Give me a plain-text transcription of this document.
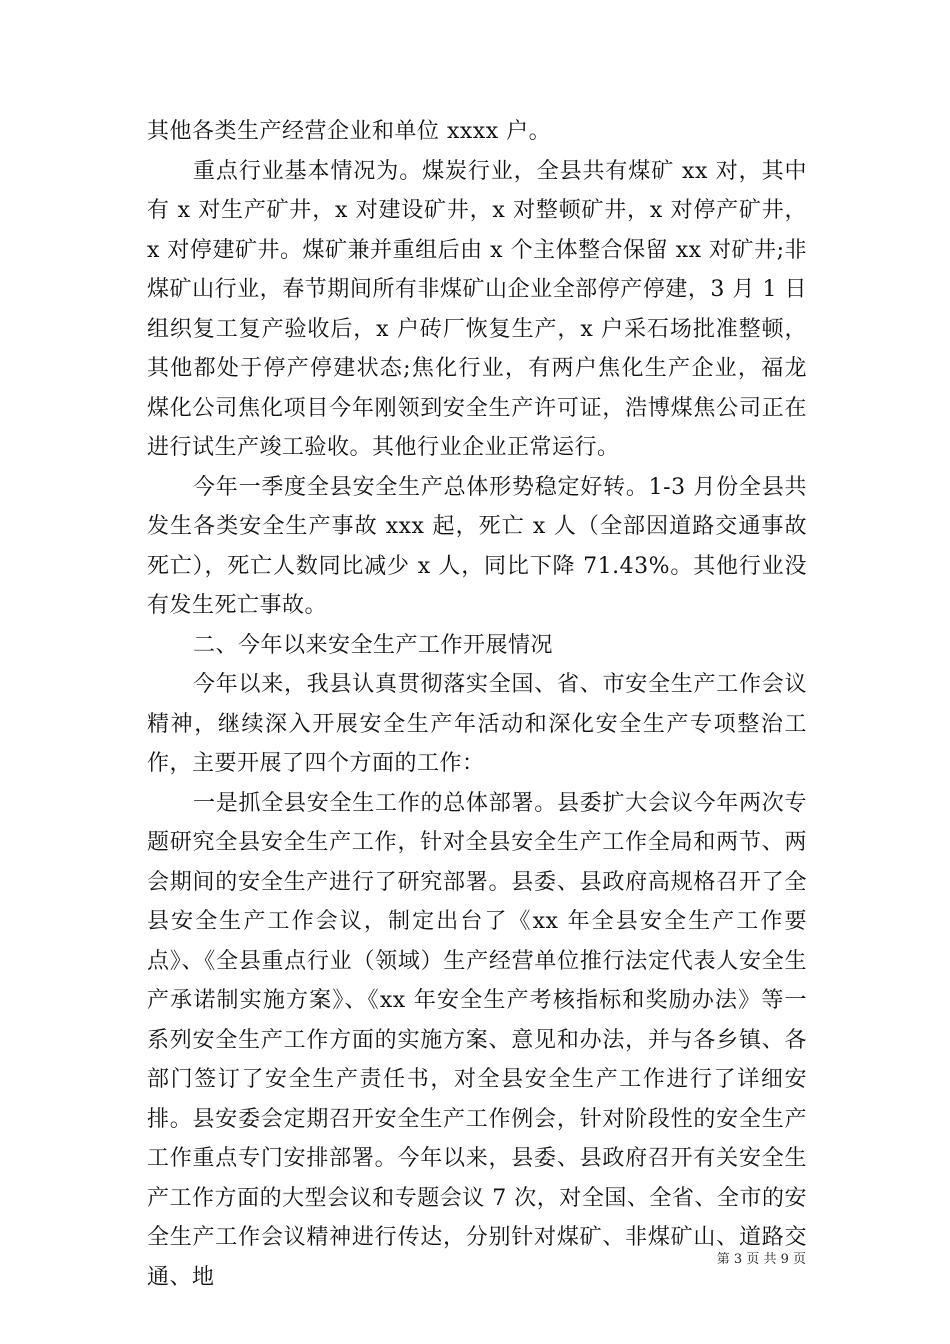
其他各类生产经营企业和单位 xxxx 户。

重点行业基本情况为。煤炭行业，全县共有煤矿 xx 对，其中有 x 对生产矿井，x 对建设矿井，x 对整顿矿井，x 对停产矿井，x 对停建矿井。煤矿兼并重组后由 x 个主体整合保留 xx 对矿井;非煤矿山行业，春节期间所有非煤矿山企业全部停产停建，3 月 1 日组织复工复产验收后，x 户砖厂恢复生产，x 户采石场批准整顿，其他都处于停产停建状态;焦化行业，有两户焦化生产企业，福龙煤化公司焦化项目今年刚领到安全生产许可证，浩博煤焦公司正在进行试生产竣工验收。其他行业企业正常运行。

今年一季度全县安全生产总体形势稳定好转。1-3 月份全县共发生各类安全生产事故 xxx 起，死亡 x 人（全部因道路交通事故死亡），死亡人数同比减少 x 人，同比下降 71.43%。其他行业没有发生死亡事故。

二、今年以来安全生产工作开展情况

今年以来，我县认真贯彻落实全国、省、市安全生产工作会议精神，继续深入开展安全生产年活动和深化安全生产专项整治工作，主要开展了四个方面的工作：

一是抓全县安全生工作的总体部署。县委扩大会议今年两次专题研究全县安全生产工作，针对全县安全生产工作全局和两节、两会期间的安全生产进行了研究部署。县委、县政府高规格召开了全县安全生产工作会议，制定出台了《xx 年全县安全生产工作要点》、《全县重点行业（领域）生产经营单位推行法定代表人安全生产承诺制实施方案》、《xx 年安全生产考核指标和奖励办法》等一系列安全生产工作方面的实施方案、意见和办法，并与各乡镇、各部门签订了安全生产责任书，对全县安全生产工作进行了详细安排。县安委会定期召开安全生产工作例会，针对阶段性的安全生产工作重点专门安排部署。今年以来，县委、县政府召开有关安全生产工作方面的大型会议和专题会议 7 次，对全国、全省、全市的安全生产工作会议精神进行传达，分别针对煤矿、非煤矿山、道路交通、地

第 3 页 共 9 页
